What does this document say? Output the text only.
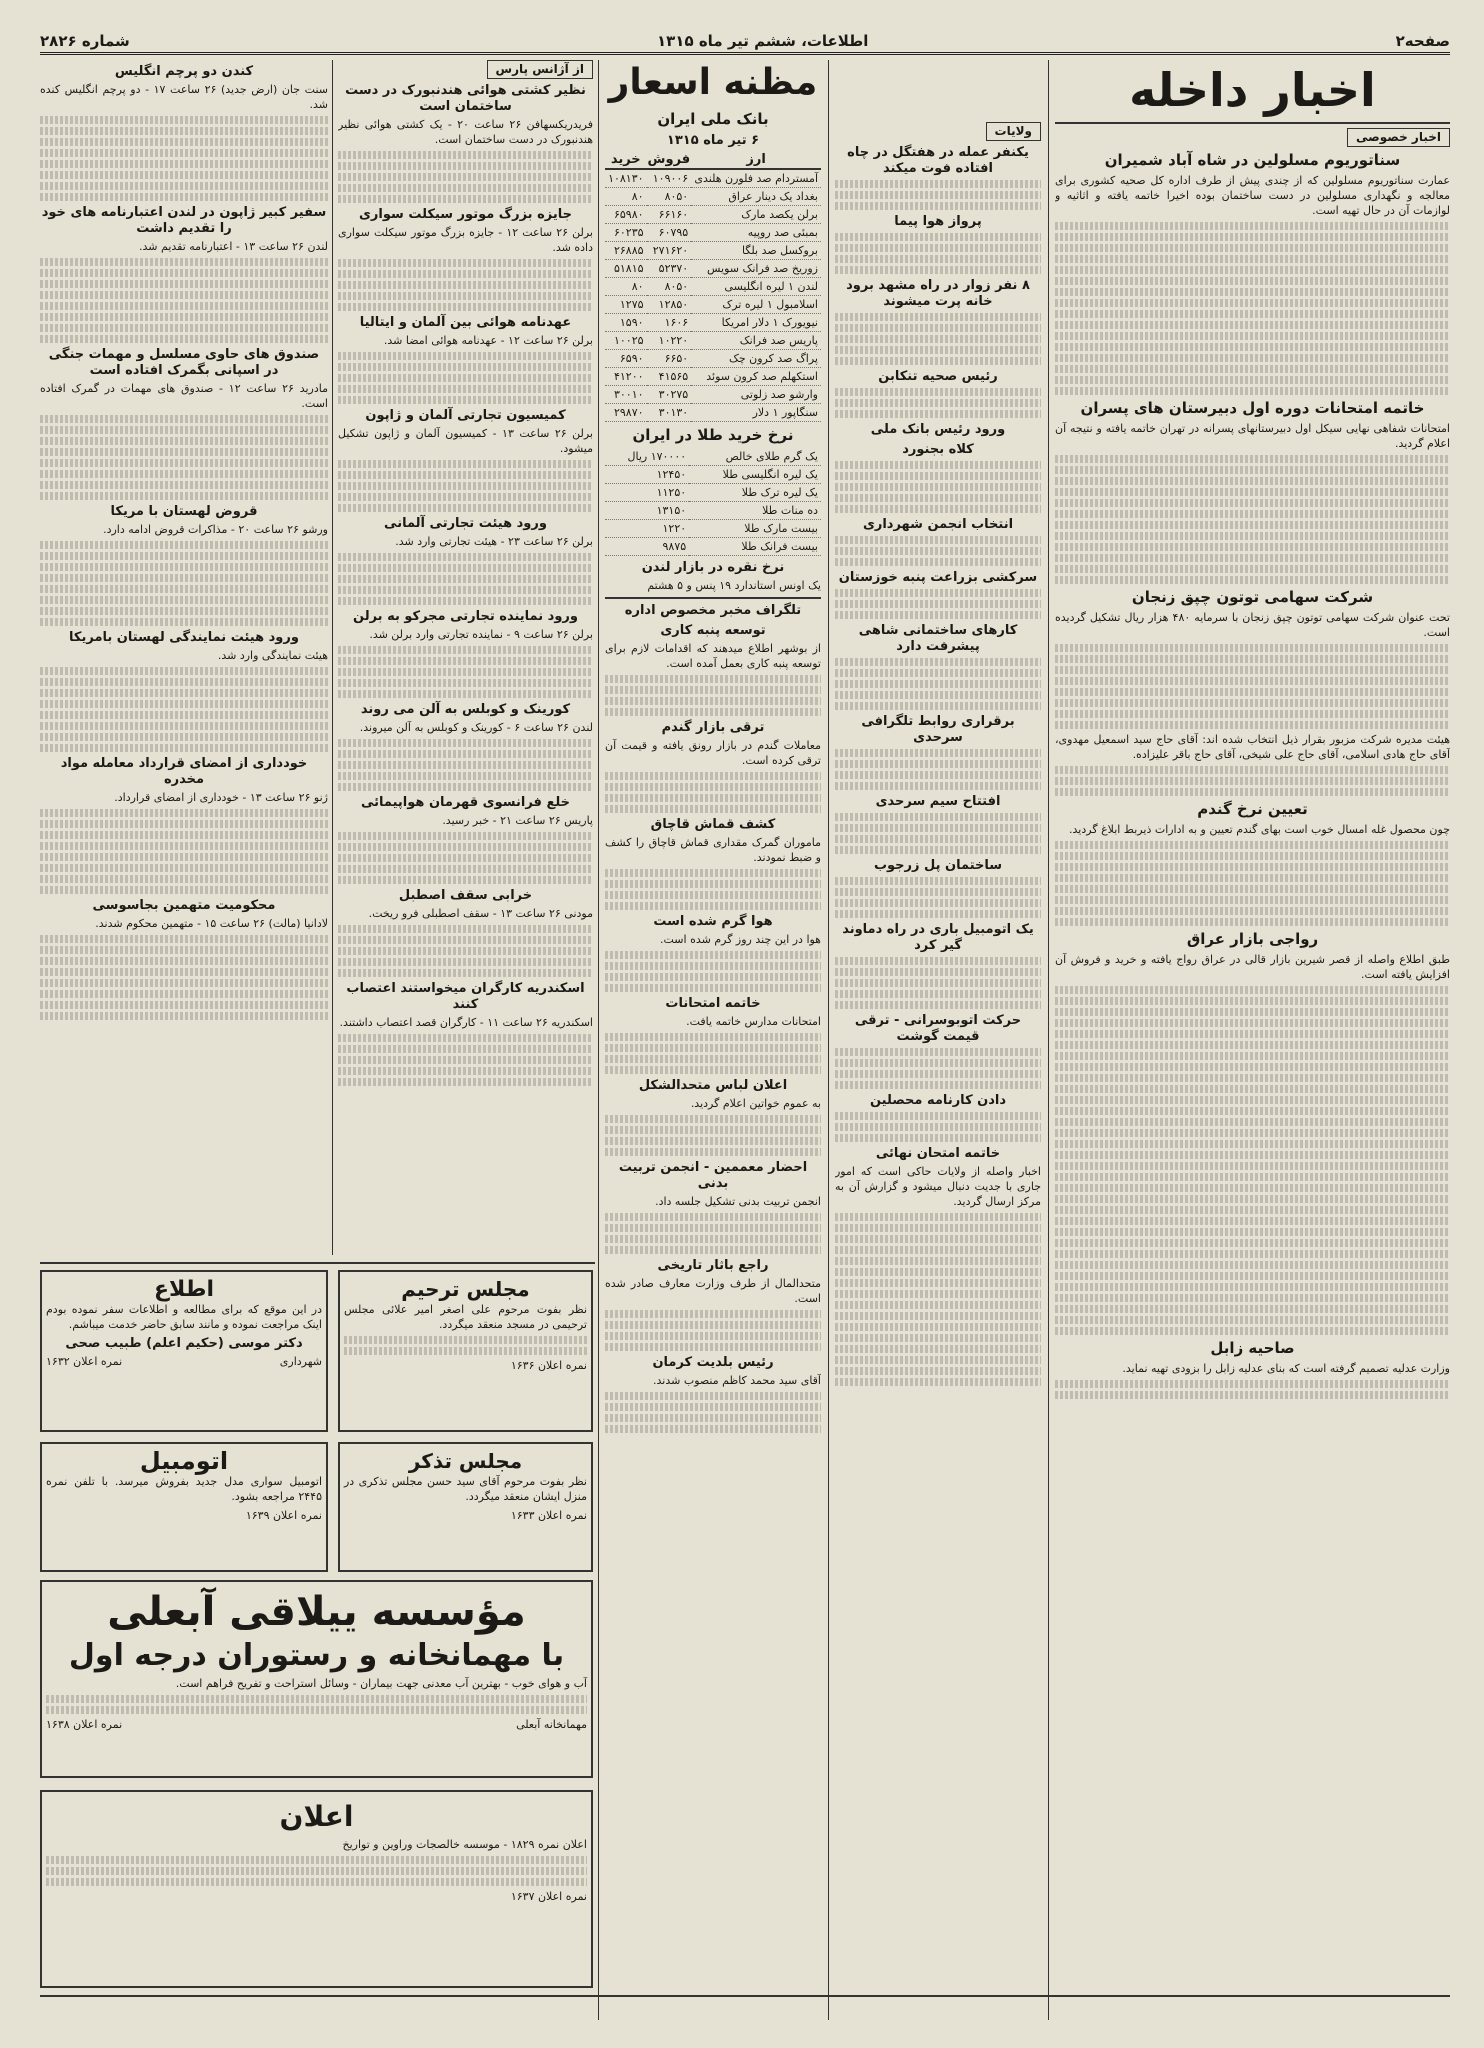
صفحه۲
اطلاعات، ششم تیر ماه ۱۳۱۵
شماره ۲۸۲۶
اخبار داخله
اخبار خصوصی
سناتوریوم مسلولین در شاه آباد شمیران

عمارت سناتوریوم مسلولین که از چندی پیش از طرف اداره کل صحیه کشوری برای معالجه و نگهداری مسلولین در دست ساختمان بوده اخیرا خاتمه یافته و اثاثیه و لوازمات آن در حال تهیه است.

خاتمه امتحانات دوره اول دبیرستان های پسران

امتحانات شفاهی نهایی سیکل اول دبیرستانهای پسرانه در تهران خاتمه یافته و نتیجه آن اعلام گردید.

شرکت سهامی توتون چپق زنجان

تحت عنوان شرکت سهامی توتون چپق زنجان با سرمایه ۴۸۰ هزار ریال تشکیل گردیده است.

هیئت مدیره شرکت مزبور بقرار ذیل انتخاب شده اند: آقای حاج سید اسمعیل مهدوی، آقای حاج هادی اسلامی، آقای حاج علی شیخی، آقای حاج باقر علیزاده.

تعیین نرخ گندم

چون محصول غله امسال خوب است بهای گندم تعیین و به ادارات ذیربط ابلاغ گردید.

رواجی بازار عراق

طبق اطلاع واصله از قصر شیرین بازار قالی در عراق رواج یافته و خرید و فروش آن افزایش یافته است.

صاحیه زابل

وزارت عدلیه تصمیم گرفته است که بنای عدلیه زابل را بزودی تهیه نماید.

ولایات
یکنفر عمله در هفتگل در چاه افتاده فوت میکند
پرواز هوا پیما
۸ نفر زوار در راه مشهد برود خانه پرت میشوند
رئیس صحیه تنکابن
ورود رئیس بانک ملی
کلاه بجنورد
انتخاب انجمن شهرداری
سرکشی بزراعت پنبه خوزستان
کارهای ساختمانی شاهی پیشرفت دارد
برقراری روابط تلگرافی سرحدی
افتتاح سیم سرحدی
ساختمان پل زرجوب
یک اتومبیل باری در راه دماوند گیر کرد
حرکت اتوبوسرانی - ترقی قیمت گوشت
دادن کارنامه محصلین
خاتمه امتحان نهائی

اخبار واصله از ولایات حاکی است که امور جاری با جدیت دنبال میشود و گزارش آن به مرکز ارسال گردید.

مظنه اسعار
بانک ملی ایران
۶ تیر ماه ۱۳۱۵
ارز	فروش	خرید
آمستردام صد فلورن هلندی	۱۰۹۰۰۶	۱۰۸۱۳۰
بغداد یک دینار عراق	۸۰۵۰	۸۰
برلن یکصد مارک	۶۶۱۶۰	۶۵۹۸۰
بمبئی صد روپیه	۶۰۷۹۵	۶۰۲۳۵
بروکسل صد بلگا	۲۷۱۶۲۰	۲۶۸۸۵
زوریخ صد فرانک سویس	۵۲۳۷۰	۵۱۸۱۵
لندن ۱ لیره انگلیسی	۸۰۵۰	۸۰
اسلامبول ۱ لیره ترک	۱۲۸۵۰	۱۲۷۵
نیویورک ۱ دلار امریکا	۱۶۰۶	۱۵۹۰
پاریس صد فرانک	۱۰۲۲۰	۱۰۰۲۵
پراگ صد کرون چک	۶۶۵۰	۶۵۹۰
استکهلم صد کرون سوئد	۴۱۵۶۵	۴۱۲۰۰
وارشو صد زلوتی	۳۰۲۷۵	۳۰۰۱۰
سنگاپور ۱ دلار	۳۰۱۳۰	۲۹۸۷۰
نرخ خرید طلا در ایران
یک گرم طلای خالص	۱۷۰۰۰۰ ریال
یک لیره انگلیسی طلا	۱۲۴۵۰
یک لیره ترک طلا	۱۱۲۵۰
ده منات طلا	۱۳۱۵۰
بیست مارک طلا	۱۲۲۰
بیست فرانک طلا	۹۸۷۵
نرخ نقره در بازار لندن

یک اونس استاندارد ۱۹ پنس و ۵ هشتم

تلگراف مخبر مخصوص اداره
توسعه پنبه کاری

از بوشهر اطلاع میدهند که اقدامات لازم برای توسعه پنبه کاری بعمل آمده است.

ترقی بازار گندم

معاملات گندم در بازار رونق یافته و قیمت آن ترقی کرده است.

کشف قماش قاچاق

ماموران گمرک مقداری قماش قاچاق را کشف و ضبط نمودند.

هوا گرم شده است

هوا در این چند روز گرم شده است.

خاتمه امتحانات

امتحانات مدارس خاتمه یافت.

اعلان لباس متحدالشکل

به عموم خواتین اعلام گردید.

احضار معممین - انجمن تربیت بدنی

انجمن تربیت بدنی تشکیل جلسه داد.

راجع باثار تاریخی

متحدالمال از طرف وزارت معارف صادر شده است.

رئیس بلدیت کرمان

آقای سید محمد کاظم منصوب شدند.

از آژانس پارس
نظیر کشتی هوائی هندنبورک در دست ساختمان است

فریدریکسهافن ۲۶ ساعت ۲۰ - یک کشتی هوائی نظیر هندنبورک در دست ساختمان است.

جایزه بزرگ موتور سیکلت سواری

برلن ۲۶ ساعت ۱۲ - جایزه بزرگ موتور سیکلت سواری داده شد.

عهدنامه هوائی بین آلمان و ایتالیا

برلن ۲۶ ساعت ۱۲ - عهدنامه هوائی امضا شد.

کمیسیون تجارتی آلمان و ژاپون

برلن ۲۶ ساعت ۱۳ - کمیسیون آلمان و ژاپون تشکیل میشود.

ورود هیئت تجارتی آلمانی

برلن ۲۶ ساعت ۲۳ - هیئت تجارتی وارد شد.

ورود نماینده تجارتی مجرکو به برلن

برلن ۲۶ ساعت ۹ - نماینده تجارتی وارد برلن شد.

کورینک و کوبلس به آلن می روند

لندن ۲۶ ساعت ۶ - کورینک و کوبلس به آلن میروند.

خلع فرانسوی قهرمان هواپیمائی

پاریس ۲۶ ساعت ۲۱ - خبر رسید.

خرابی سقف اصطبل

مودنی ۲۶ ساعت ۱۳ - سقف اصطبلی فرو ریخت.

اسکندریه کارگران میخواستند اعتصاب کنند

اسکندریه ۲۶ ساعت ۱۱ - کارگران قصد اعتصاب داشتند.

کندن دو پرچم انگلیس

سنت جان (ارض جدید) ۲۶ ساعت ۱۷ - دو پرچم انگلیس کنده شد.

سفیر کبیر ژاپون در لندن اعتبارنامه های خود را تقدیم داشت

لندن ۲۶ ساعت ۱۳ - اعتبارنامه تقدیم شد.

صندوق های حاوی مسلسل و مهمات جنگی در اسپانی بگمرک افتاده است

مادرید ۲۶ ساعت ۱۲ - صندوق های مهمات در گمرک افتاده است.

قروض لهستان با مریکا

ورشو ۲۶ ساعت ۲۰ - مذاکرات قروض ادامه دارد.

ورود هیئت نمایندگی لهستان بامریکا

هیئت نمایندگی وارد شد.

خودداری از امضای قرارداد معامله مواد مخدره

ژنو ۲۶ ساعت ۱۳ - خودداری از امضای قرارداد.

محکومیت متهمین بجاسوسی

لادانیا (مالت) ۲۶ ساعت ۱۵ - متهمین محکوم شدند.

اطلاع

در این موقع که برای مطالعه و اطلاعات سفر نموده بودم اینک مراجعت نموده و مانند سابق حاضر خدمت میباشم.

دکتر موسی (حکیم اعلم) طبیب صحی
شهرداری
نمره اعلان ۱۶۳۲
مجلس ترحیم

نظر بفوت مرحوم علی اصغر امیر علائی مجلس ترحیمی در مسجد منعقد میگردد.

نمره اعلان ۱۶۳۶

اتومبیل

اتومبیل سواری مدل جدید بفروش میرسد. با تلفن نمره ۲۴۴۵ مراجعه بشود.

نمره اعلان ۱۶۳۹

مجلس تذکر

نظر بفوت مرحوم آقای سید حسن مجلس تذکری در منزل ایشان منعقد میگردد.

نمره اعلان ۱۶۳۳

مؤسسه ییلاقی آبعلی
با مهمانخانه و رستوران درجه اول

آب و هوای خوب - بهترین آب معدنی جهت بیماران - وسائل استراحت و تفریح فراهم است.

مهمانخانه آبعلی
نمره اعلان ۱۶۳۸
اعلان

اعلان نمره ۱۸۲۹ - موسسه خالصجات وراوین و تواریخ

نمره اعلان ۱۶۳۷
